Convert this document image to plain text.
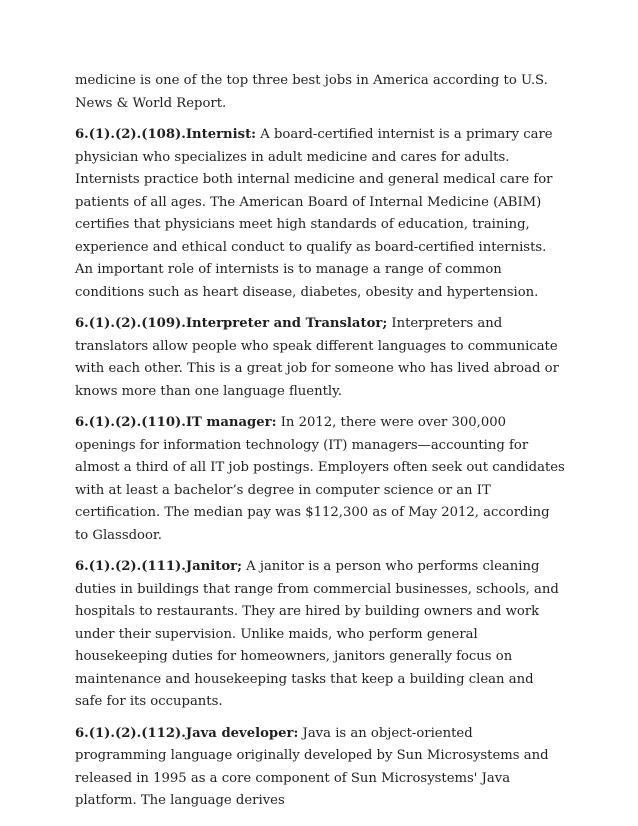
medicine is one of the top three best jobs in America according to U.S. News & World Report.

6.(1).(2).(108).Internist: A board-certified internist is a primary care physician who specializes in adult medicine and cares for adults. Internists practice both internal medicine and general medical care for patients of all ages. The American Board of Internal Medicine (ABIM) certifies that physicians meet high standards of education, training, experience and ethical conduct to qualify as board-certified internists. An important role of internists is to manage a range of common conditions such as heart disease, diabetes, obesity and hypertension.

6.(1).(2).(109).Interpreter and Translator; Interpreters and translators allow people who speak different languages to communicate with each other. This is a great job for someone who has lived abroad or knows more than one language fluently.

6.(1).(2).(110).IT manager: In 2012, there were over 300,000 openings for information technology (IT) managers—accounting for almost a third of all IT job postings. Employers often seek out candidates with at least a bachelor’s degree in computer science or an IT certification. The median pay was $112,300 as of May 2012, according to Glassdoor.

6.(1).(2).(111).Janitor; A janitor is a person who performs cleaning duties in buildings that range from commercial businesses, schools, and hospitals to restaurants. They are hired by building owners and work under their supervision. Unlike maids, who perform general housekeeping duties for homeowners, janitors generally focus on maintenance and housekeeping tasks that keep a building clean and safe for its occupants.

6.(1).(2).(112).Java developer: Java is an object-oriented programming language originally developed by Sun Microsystems and released in 1995 as a core component of Sun Microsystems' Java platform. The language derives
